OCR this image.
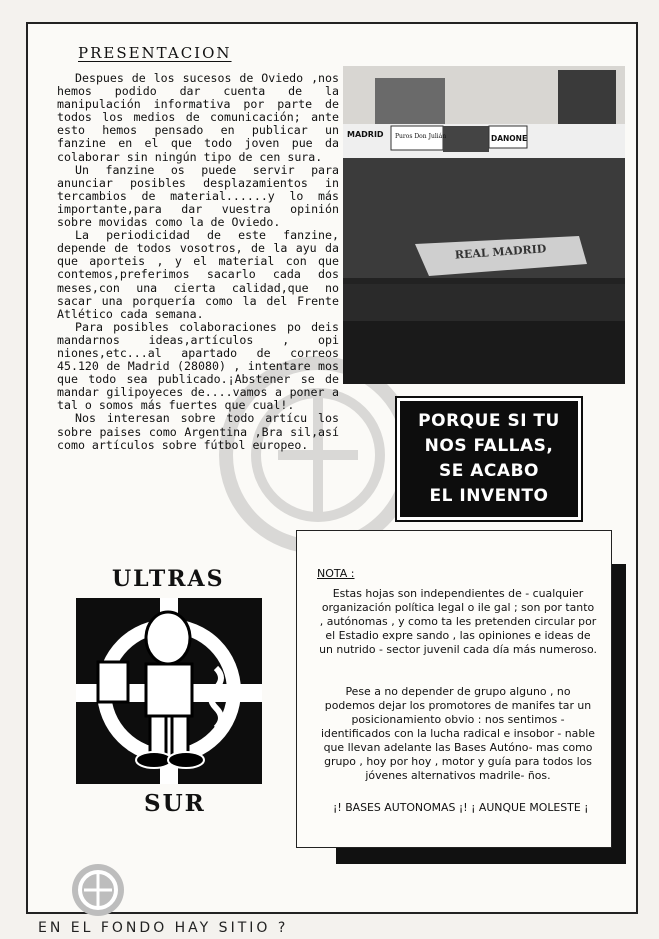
PRESENTACION

Despues de los sucesos de Oviedo ,nos hemos podido dar cuenta de la manipulación informativa por parte de todos los medios de comunicación; ante esto hemos pensado en publicar un fanzine en el que todo joven pue da colaborar sin ningún tipo de cen sura.

Un fanzine os puede servir para anunciar posibles desplazamientos in tercambios de material......y lo más importante,para dar vuestra opinión sobre movidas como la de Oviedo.

La periodicidad de este fanzine, depende de todos vosotros, de la ayu da que aporteis , y el material con que contemos,preferimos sacarlo cada dos meses,con una cierta calidad,que no sacar una porquería como la del Frente Atlético cada semana.

Para posibles colaboraciones po deis mandarnos ideas,artículos , opi niones,etc...al apartado de correos 45.120 de Madrid (28080) , intentare mos que todo sea publicado.¡Abstener se de mandar gilipoyeces de....vamos a poner a tal o somos más fuertes que cual!.

Nos interesan sobre todo artícu los sobre paises como Argentina ,Bra sil,así como artículos sobre fútbol europeo.

MADRID Puros Don Julián	DANONE
REAL MADRID
PORQUE SI TU
NOS FALLAS,
SE ACABO
EL INVENTO
ULTRAS
SUR
NOTA :
Estas hojas son independientes de - cualquier organización política legal o ile gal ; son por tanto , autónomas , y como ta les pretenden circular por el Estadio expre sando , las opiniones e ideas de un nutrido - sector juvenil cada día más numeroso.
Pese a no depender de grupo alguno , no podemos dejar los promotores de manifes tar un posicionamiento obvio : nos sentimos - identificados con la lucha radical e insobor - nable que llevan adelante las Bases Autóno- mas como grupo , hoy por hoy , motor y guía para todos los jóvenes alternativos madrile- ños.
¡! BASES AUTONOMAS ¡! ¡ AUNQUE MOLESTE ¡
EN EL FONDO HAY SITIO ?
